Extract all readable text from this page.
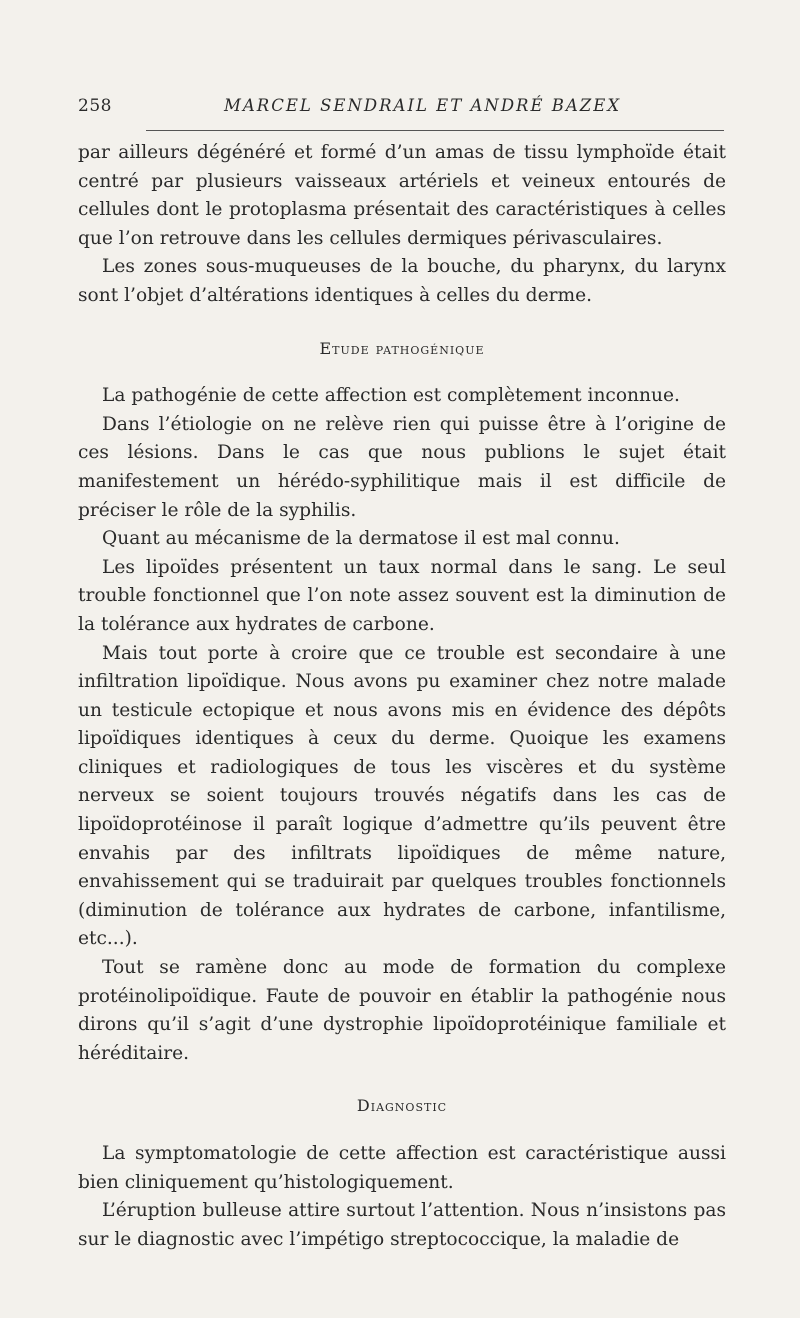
258	MARCEL SENDRAIL ET ANDRÉ BAZEX

par ailleurs dégénéré et formé d’un amas de tissu lymphoïde était centré par plusieurs vaisseaux artériels et veineux entourés de cellules dont le protoplasma présentait des caractéristiques à celles que l’on retrouve dans les cellules dermiques périvasculaires.

Les zones sous-muqueuses de la bouche, du pharynx, du larynx sont l’objet d’altérations identiques à celles du derme.

Etude pathogénique

La pathogénie de cette affection est complètement inconnue.

Dans l’étiologie on ne relève rien qui puisse être à l’origine de ces lésions. Dans le cas que nous publions le sujet était manifestement un hérédo-syphilitique mais il est difficile de préciser le rôle de la syphilis.

Quant au mécanisme de la dermatose il est mal connu.

Les lipoïdes présentent un taux normal dans le sang. Le seul trouble fonctionnel que l’on note assez souvent est la diminution de la tolérance aux hydrates de carbone.

Mais tout porte à croire que ce trouble est secondaire à une infiltration lipoïdique. Nous avons pu examiner chez notre malade un testicule ectopique et nous avons mis en évidence des dépôts lipoïdiques identiques à ceux du derme. Quoique les examens cliniques et radiologiques de tous les viscères et du système nerveux se soient toujours trouvés négatifs dans les cas de lipoïdoprotéinose il paraît logique d’admettre qu’ils peuvent être envahis par des infiltrats lipoïdiques de même nature, envahissement qui se traduirait par quelques troubles fonctionnels (diminution de tolérance aux hydrates de carbone, infantilisme, etc...).

Tout se ramène donc au mode de formation du complexe protéinolipoïdique. Faute de pouvoir en établir la pathogénie nous dirons qu’il s’agit d’une dystrophie lipoïdoprotéinique familiale et héréditaire.

Diagnostic

La symptomatologie de cette affection est caractéristique aussi bien cliniquement qu’histologiquement.

L’éruption bulleuse attire surtout l’attention. Nous n’insistons pas sur le diagnostic avec l’impétigo streptococcique, la maladie de
